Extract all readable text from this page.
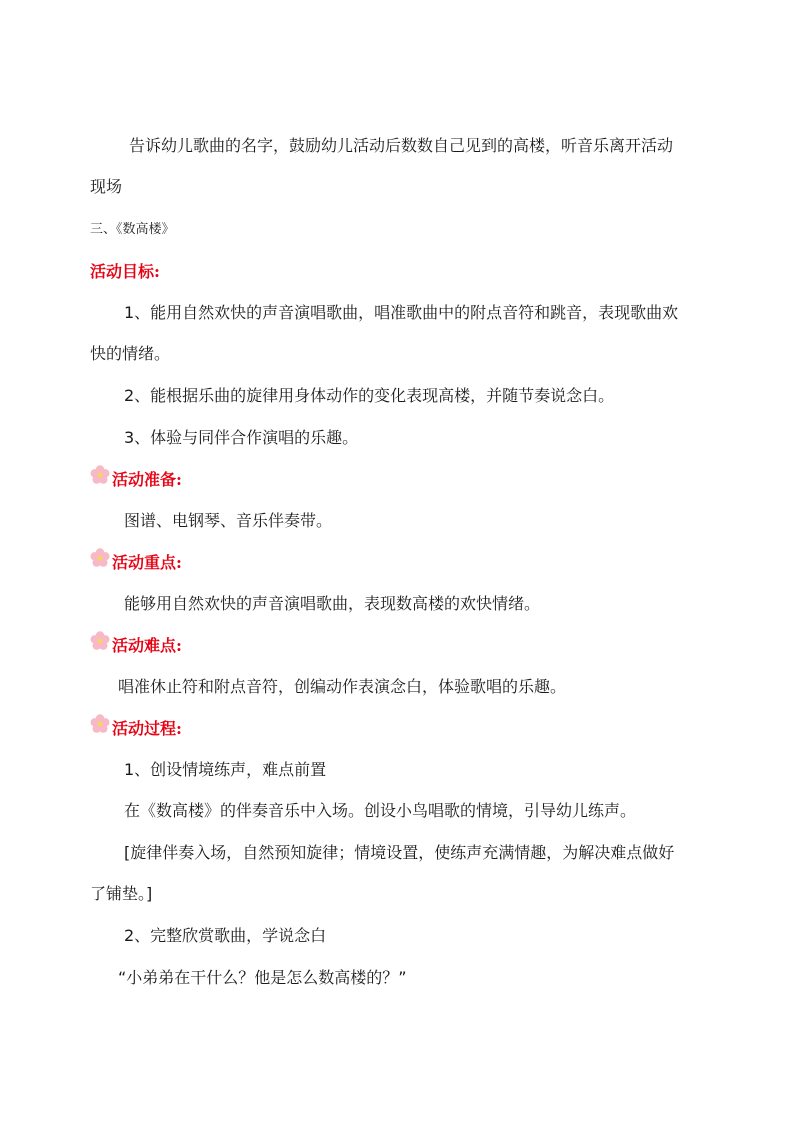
告诉幼儿歌曲的名字，鼓励幼儿活动后数数自己见到的高楼，听音乐离开活动
现场
三、《数高楼》
活动目标:
1、能用自然欢快的声音演唱歌曲，唱准歌曲中的附点音符和跳音，表现歌曲欢
快的情绪。
2、能根据乐曲的旋律用身体动作的变化表现高楼，并随节奏说念白。
3、体验与同伴合作演唱的乐趣。
活动准备:
图谱、电钢琴、音乐伴奏带。
活动重点:
能够用自然欢快的声音演唱歌曲，表现数高楼的欢快情绪。
活动难点:
唱准休止符和附点音符，创编动作表演念白，体验歌唱的乐趣。
活动过程:
1、创设情境练声，难点前置
在《数高楼》的伴奏音乐中入场。创设小鸟唱歌的情境，引导幼儿练声。
[旋律伴奏入场，自然预知旋律；情境设置，使练声充满情趣，为解决难点做好
了铺垫。]
2、完整欣赏歌曲，学说念白
“小弟弟在干什么？他是怎么数高楼的？”
